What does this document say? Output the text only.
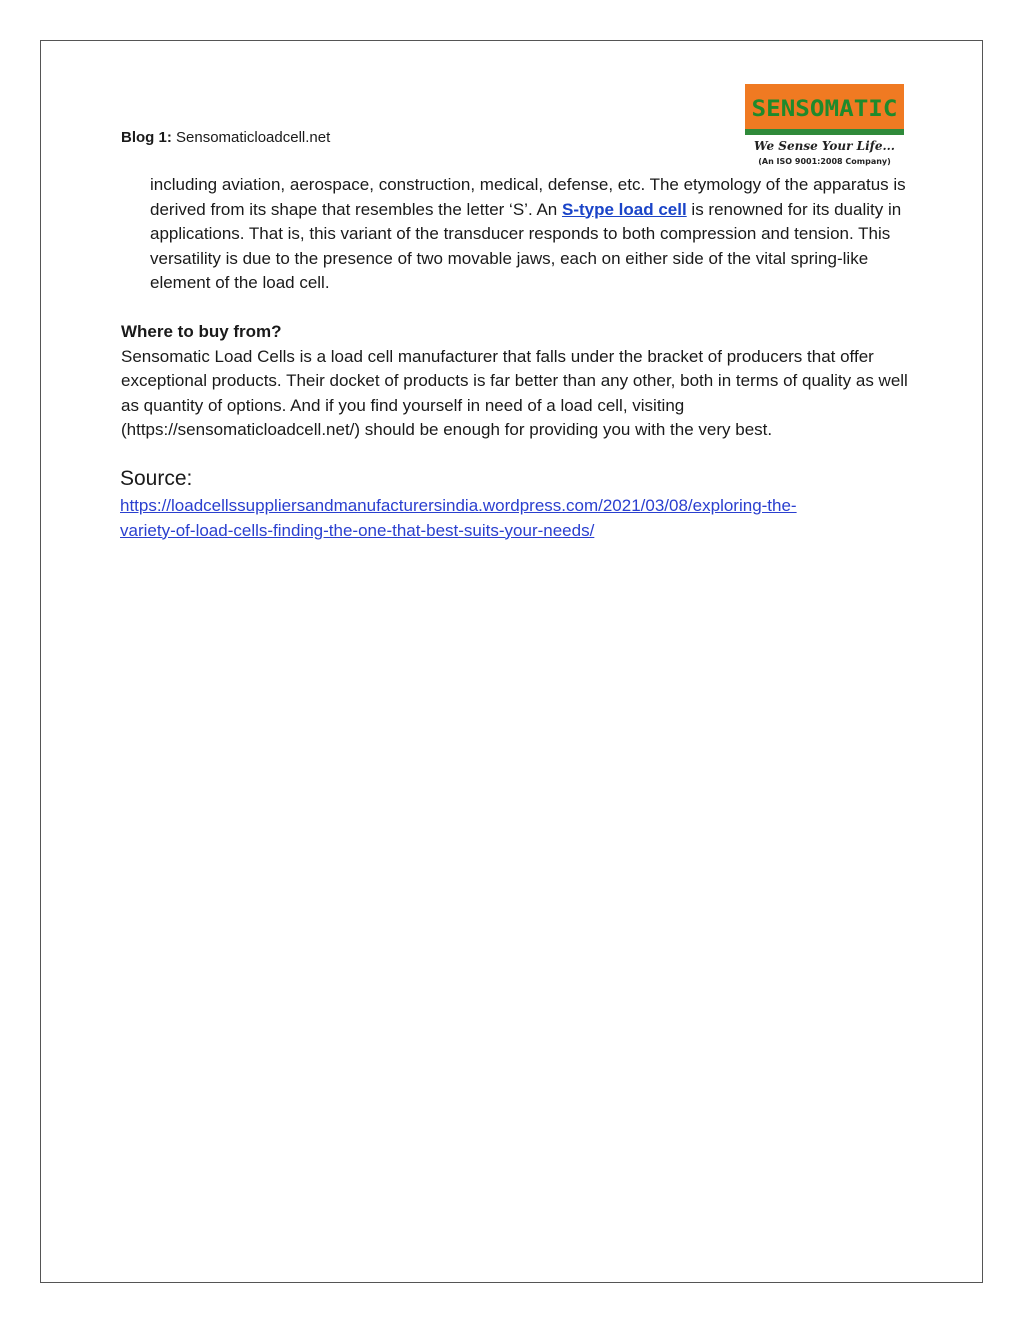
Blog 1: Sensomaticloadcell.net
SENSOMATIC
We Sense Your Life...
(An ISO 9001:2008 Company)

including aviation, aerospace, construction, medical, defense, etc. The etymology of the apparatus is derived from its shape that resembles the letter ‘S’. An S-type load cell is renowned for its duality in applications. That is, this variant of the transducer responds to both compression and tension. This versatility is due to the presence of two movable jaws, each on either side of the vital spring-like element of the load cell.

Where to buy from?

Sensomatic Load Cells is a load cell manufacturer that falls under the bracket of producers that offer exceptional products. Their docket of products is far better than any other, both in terms of quality as well as quantity of options. And if you find yourself in need of a load cell, visiting (https://sensomaticloadcell.net/) should be enough for providing you with the very best.

Source:
https://loadcellssuppliersandmanufacturersindia.wordpress.com/2021/03/08/exploring-the-
variety-of-load-cells-finding-the-one-that-best-suits-your-needs/
